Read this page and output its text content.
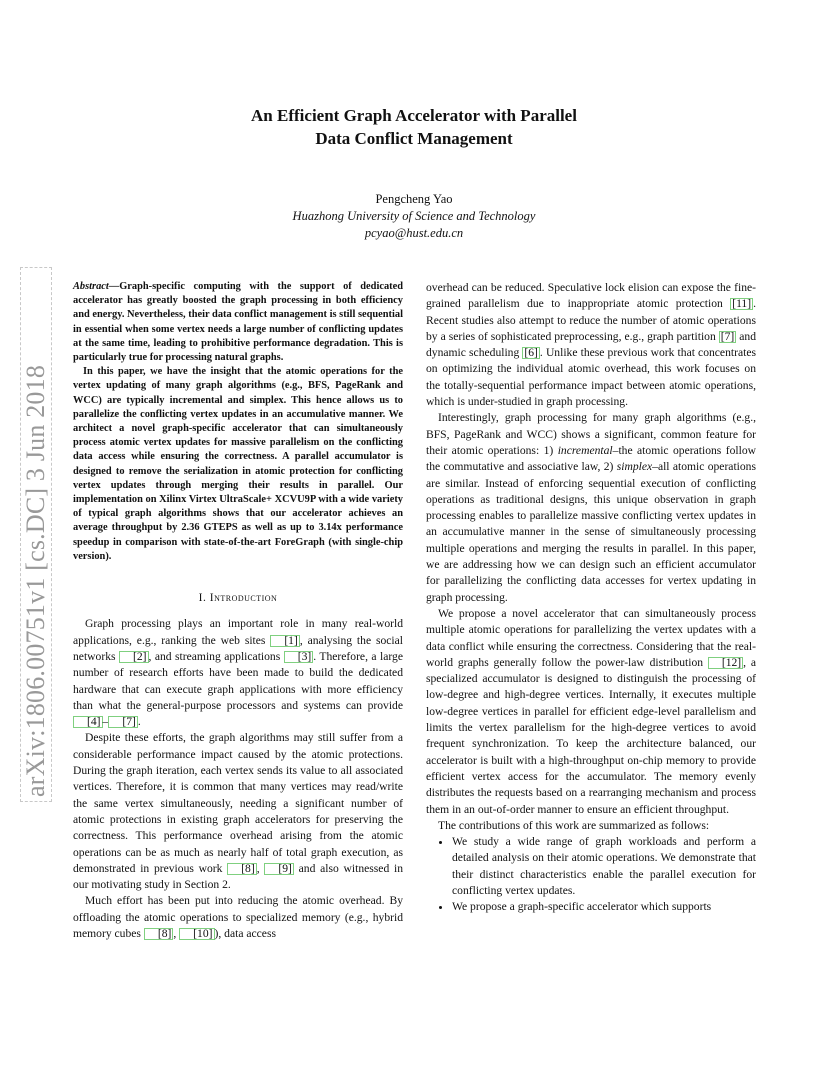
An Efficient Graph Accelerator with Parallel
Data Conflict Management
Pengcheng Yao
Huazhong University of Science and Technology
pcyao@hust.edu.cn
arXiv:1806.00751v1 [cs.DC] 3 Jun 2018

Abstract—Graph-specific computing with the support of dedicated accelerator has greatly boosted the graph processing in both efficiency and energy. Nevertheless, their data conflict management is still sequential in essential when some vertex needs a large number of conflicting updates at the same time, leading to prohibitive performance degradation. This is particularly true for processing natural graphs.

In this paper, we have the insight that the atomic operations for the vertex updating of many graph algorithms (e.g., BFS, PageRank and WCC) are typically incremental and simplex. This hence allows us to parallelize the conflicting vertex updates in an accumulative manner. We architect a novel graph-specific accelerator that can simultaneously process atomic vertex updates for massive parallelism on the conflicting data access while ensuring the correctness. A parallel accumulator is designed to remove the serialization in atomic protection for conflicting vertex updates through merging their results in parallel. Our implementation on Xilinx Virtex UltraScale+ XCVU9P with a wide variety of typical graph algorithms shows that our accelerator achieves an average throughput by 2.36 GTEPS as well as up to 3.14x performance speedup in comparison with state-of-the-art ForeGraph (with single-chip version).

I. Introduction

Graph processing plays an important role in many real-world applications, e.g., ranking the web sites [1] , analysing the social networks [2] , and streaming applications [3] . Therefore, a large number of research efforts have been made to build the dedicated hardware that can execute graph applications with more efficiency than what the general-purpose processors and systems can provide [4] – [7] .

Despite these efforts, the graph algorithms may still suffer from a considerable performance impact caused by the atomic protections. During the graph iteration, each vertex sends its value to all associated vertices. Therefore, it is common that many vertices may read/write the same vertex simultaneously, needing a significant number of atomic protections in existing graph accelerators for preserving the correctness. This performance overhead arising from the atomic operations can be as much as nearly half of total graph execution, as demonstrated in previous work [8] , [9] and also witnessed in our motivating study in Section 2.

Much effort has been put into reducing the atomic overhead. By offloading the atomic operations to specialized memory (e.g., hybrid memory cubes [8] , [10] ), data access

overhead can be reduced. Speculative lock elision can expose the fine-grained parallelism due to inappropriate atomic protection [11] . Recent studies also attempt to reduce the number of atomic operations by a series of sophisticated preprocessing, e.g., graph partition [7] and dynamic scheduling [6] . Unlike these previous work that concentrates on optimizing the individual atomic overhead, this work focuses on the totally-sequential performance impact between atomic operations, which is under-studied in graph processing.

Interestingly, graph processing for many graph algorithms (e.g., BFS, PageRank and WCC) shows a significant, common feature for their atomic operations: 1) incremental–the atomic operations follow the commutative and associative law, 2) simplex–all atomic operations are similar. Instead of enforcing sequential execution of conflicting operations as traditional designs, this unique observation in graph processing enables to parallelize massive conflicting vertex updates in an accumulative manner in the sense of simultaneously processing multiple operations and merging the results in parallel. In this paper, we are addressing how we can design such an efficient accumulator for parallelizing the conflicting data accesses for vertex updating in graph processing.

We propose a novel accelerator that can simultaneously process multiple atomic operations for parallelizing the vertex updates with a data conflict while ensuring the correctness. Considering that the real-world graphs generally follow the power-law distribution [12] , a specialized accumulator is designed to distinguish the processing of low-degree and high-degree vertices. Internally, it executes multiple low-degree vertices in parallel for efficient edge-level parallelism and limits the vertex parallelism for the high-degree vertices to avoid frequent synchronization. To keep the architecture balanced, our accelerator is built with a high-throughput on-chip memory to provide efficient vertex access for the accumulator. The memory evenly distributes the requests based on a rearranging mechanism and process them in an out-of-order manner to ensure an efficient throughput.

The contributions of this work are summarized as follows:

• We study a wide range of graph workloads and perform a detailed analysis on their atomic operations. We demonstrate that their distinct characteristics enable the parallel execution for conflicting vertex updates.
• We propose a graph-specific accelerator which supports
